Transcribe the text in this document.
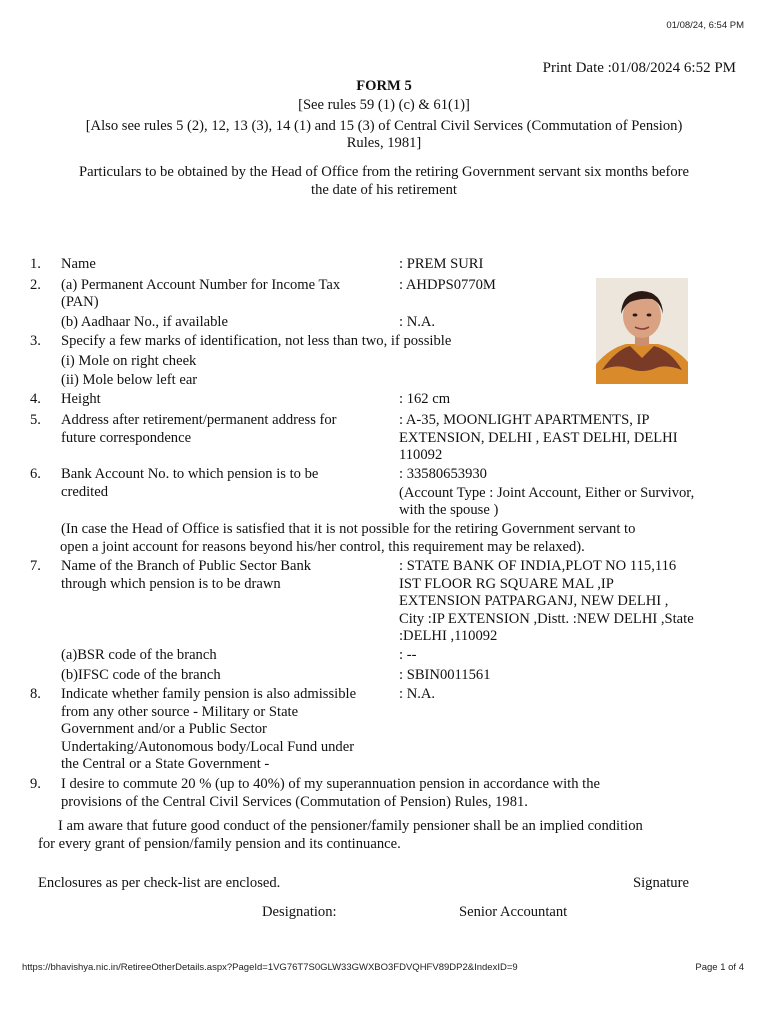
01/08/24, 6:54 PM
Print Date :01/08/2024 6:52 PM
FORM 5
[See rules 59 (1) (c) & 61(1)]
[Also see rules 5 (2), 12, 13 (3), 14 (1) and 15 (3) of Central Civil Services (Commutation of Pension)
Rules, 1981]
Particulars to be obtained by the Head of Office from the retiring Government servant six months before
the date of his retirement
1. Name	: PREM SURI
2. (a) Permanent Account Number for Income Tax
(PAN)
: AHDPS0770M
(b) Aadhaar No., if available	: N.A.
3. Specify a few marks of identification, not less than two, if possible
(i) Mole on right cheek
(ii) Mole below left ear
4. Height	: 162 cm
5. Address after retirement/permanent address for
future correspondence
: A-35, MOONLIGHT APARTMENTS, IP
EXTENSION, DELHI , EAST DELHI, DELHI
110092
6. Bank Account No. to which pension is to be
credited
: 33580653930
(Account Type : Joint Account, Either or Survivor,
with the spouse )
(In case the Head of Office is satisfied that it is not possible for the retiring Government servant to
open a joint account for reasons beyond his/her control, this requirement may be relaxed).
7. Name of the Branch of Public Sector Bank
through which pension is to be drawn
: STATE BANK OF INDIA,PLOT NO 115,116
IST FLOOR RG SQUARE MAL ,IP
EXTENSION PATPARGANJ, NEW DELHI ,
City :IP EXTENSION ,Distt. :NEW DELHI ,State
:DELHI ,110092
(a)BSR code of the branch	: --
(b)IFSC code of the branch	: SBIN0011561
8. Indicate whether family pension is also admissible
from any other source - Military or State
Government and/or a Public Sector
Undertaking/Autonomous body/Local Fund under
the Central or a State Government -
: N.A.
9. I desire to commute 20 % (up to 40%) of my superannuation pension in accordance with the
provisions of the Central Civil Services (Commutation of Pension) Rules, 1981.
I am aware that future good conduct of the pensioner/family pensioner shall be an implied condition
for every grant of pension/family pension and its continuance.
Enclosures as per check-list are enclosed.	Signature
Designation:	Senior Accountant
https://bhavishya.nic.in/RetireeOtherDetails.aspx?PageId=1VG76T7S0GLW33GWXBO3FDVQHFV89DP2&IndexID=9	Page 1 of 4
